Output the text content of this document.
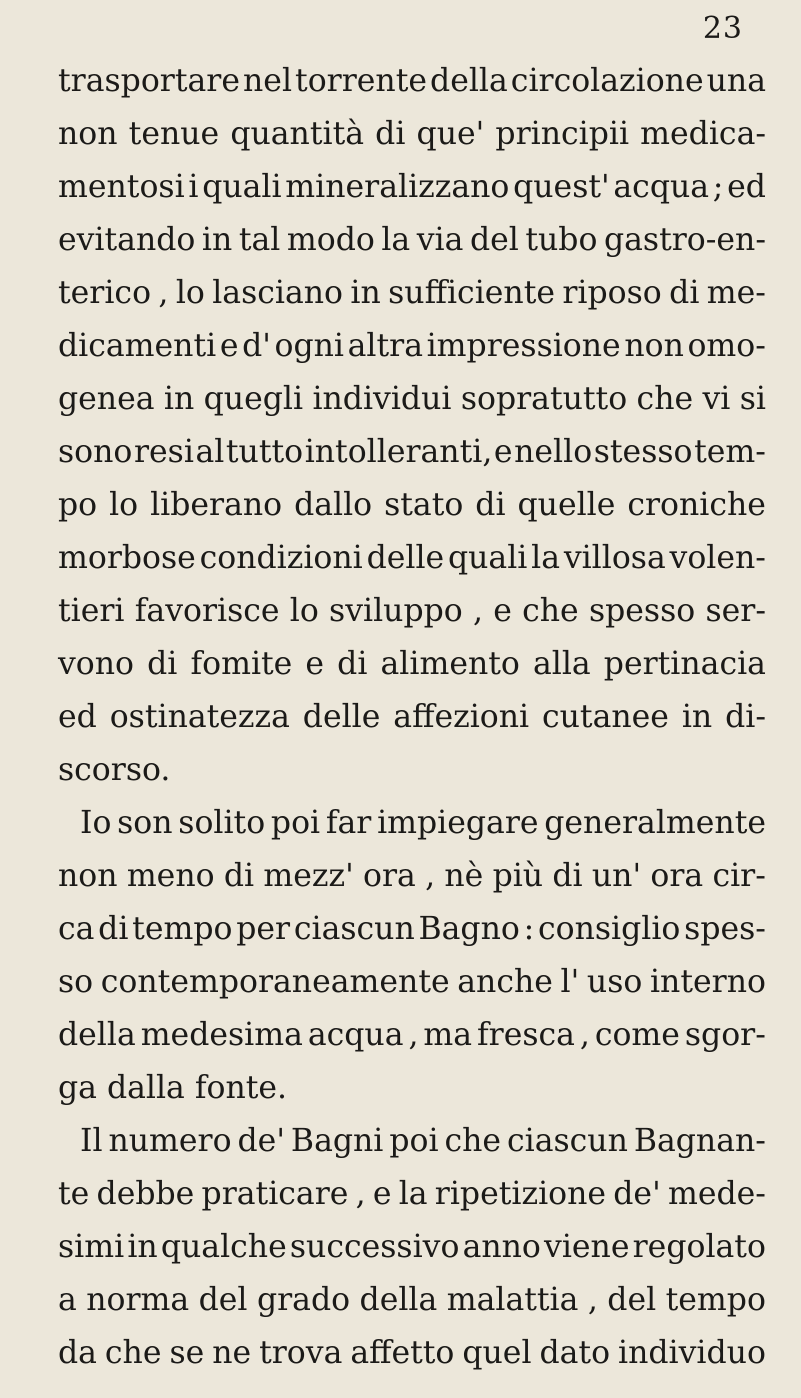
23
trasportare nel torrente della circolazione una
non tenue quantità di que' principii medica-
mentosi i quali mineralizzano quest' acqua ; ed
evitando in tal modo la via del tubo gastro-en-
terico , lo lasciano in sufficiente riposo di me-
dicamenti e d' ogni altra impressione non omo-
genea in quegli individui sopratutto che vi si
sono resi al tutto intolleranti, e nello stesso tem-
po lo liberano dallo stato di quelle croniche
morbose condizioni delle quali la villosa volen-
tieri favorisce lo sviluppo , e che spesso ser-
vono di fomite e di alimento alla pertinacia
ed ostinatezza delle affezioni cutanee in di-
scorso.
Io son solito poi far impiegare generalmente
non meno di mezz' ora , nè più di un' ora cir-
ca di tempo per ciascun Bagno : consiglio spes-
so contemporaneamente anche l' uso interno
della medesima acqua , ma fresca , come sgor-
ga dalla fonte.
Il numero de' Bagni poi che ciascun Bagnan-
te debbe praticare , e la ripetizione de' mede-
simi in qualche successivo anno viene regolato
a norma del grado della malattia , del tempo
da che se ne trova affetto quel dato individuo
